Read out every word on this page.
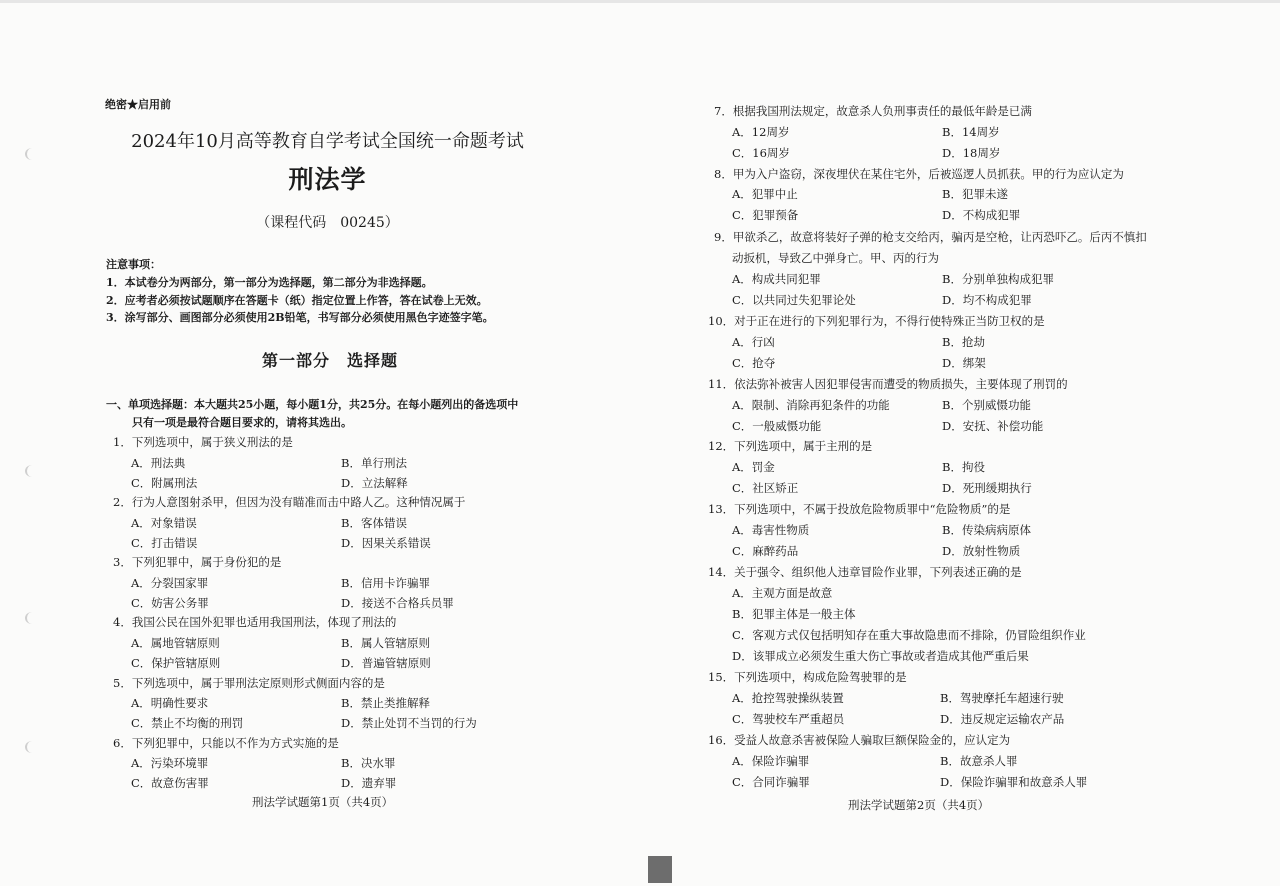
绝密★启用前
2024年10月高等教育自学考试全国统一命题考试
刑法学
（课程代码　00245）
注意事项：
1．本试卷分为两部分，第一部分为选择题，第二部分为非选择题。
2．应考者必须按试题顺序在答题卡（纸）指定位置上作答，答在试卷上无效。
3．涂写部分、画图部分必须使用2B铅笔，书写部分必须使用黑色字迹签字笔。
第一部分　选择题
一、单项选择题：本大题共25小题，每小题1分，共25分。在每小题列出的备选项中
只有一项是最符合题目要求的，请将其选出。
1．下列选项中，属于狭义刑法的是
A．刑法典	B．单行刑法
C．附属刑法	D．立法解释
2．行为人意图射杀甲，但因为没有瞄准而击中路人乙。这种情况属于
A．对象错误	B．客体错误
C．打击错误	D．因果关系错误
3．下列犯罪中，属于身份犯的是
A．分裂国家罪	B．信用卡诈骗罪
C．妨害公务罪	D．接送不合格兵员罪
4．我国公民在国外犯罪也适用我国刑法，体现了刑法的
A．属地管辖原则	B．属人管辖原则
C．保护管辖原则	D．普遍管辖原则
5．下列选项中，属于罪刑法定原则形式侧面内容的是
A．明确性要求	B．禁止类推解释
C．禁止不均衡的刑罚	D．禁止处罚不当罚的行为
6．下列犯罪中，只能以不作为方式实施的是
A．污染环境罪	B．决水罪
C．故意伤害罪	D．遗弃罪
刑法学试题第1页（共4页）
7．根据我国刑法规定，故意杀人负刑事责任的最低年龄是已满
A．12周岁	B．14周岁
C．16周岁	D．18周岁
8．甲为入户盗窃，深夜埋伏在某住宅外，后被巡逻人员抓获。甲的行为应认定为
A．犯罪中止	B．犯罪未遂
C．犯罪预备	D．不构成犯罪
9．甲欲杀乙，故意将装好子弹的枪支交给丙，骗丙是空枪，让丙恐吓乙。后丙不慎扣
动扳机，导致乙中弹身亡。甲、丙的行为
A．构成共同犯罪	B．分别单独构成犯罪
C．以共同过失犯罪论处	D．均不构成犯罪
10．对于正在进行的下列犯罪行为，不得行使特殊正当防卫权的是
A．行凶	B．抢劫
C．抢夺	D．绑架
11．依法弥补被害人因犯罪侵害而遭受的物质损失，主要体现了刑罚的
A．限制、消除再犯条件的功能	B．个别威慑功能
C．一般威慑功能	D．安抚、补偿功能
12．下列选项中，属于主刑的是
A．罚金	B．拘役
C．社区矫正	D．死刑缓期执行
13．下列选项中，不属于投放危险物质罪中“危险物质”的是
A．毒害性物质	B．传染病病原体
C．麻醉药品	D．放射性物质
14．关于强令、组织他人违章冒险作业罪，下列表述正确的是
A．主观方面是故意
B．犯罪主体是一般主体
C．客观方式仅包括明知存在重大事故隐患而不排除，仍冒险组织作业
D．该罪成立必须发生重大伤亡事故或者造成其他严重后果
15．下列选项中，构成危险驾驶罪的是
A．抢控驾驶操纵装置	B．驾驶摩托车超速行驶
C．驾驶校车严重超员	D．违反规定运输农产品
16．受益人故意杀害被保险人骗取巨额保险金的，应认定为
A．保险诈骗罪	B．故意杀人罪
C．合同诈骗罪	D．保险诈骗罪和故意杀人罪
刑法学试题第2页（共4页）
